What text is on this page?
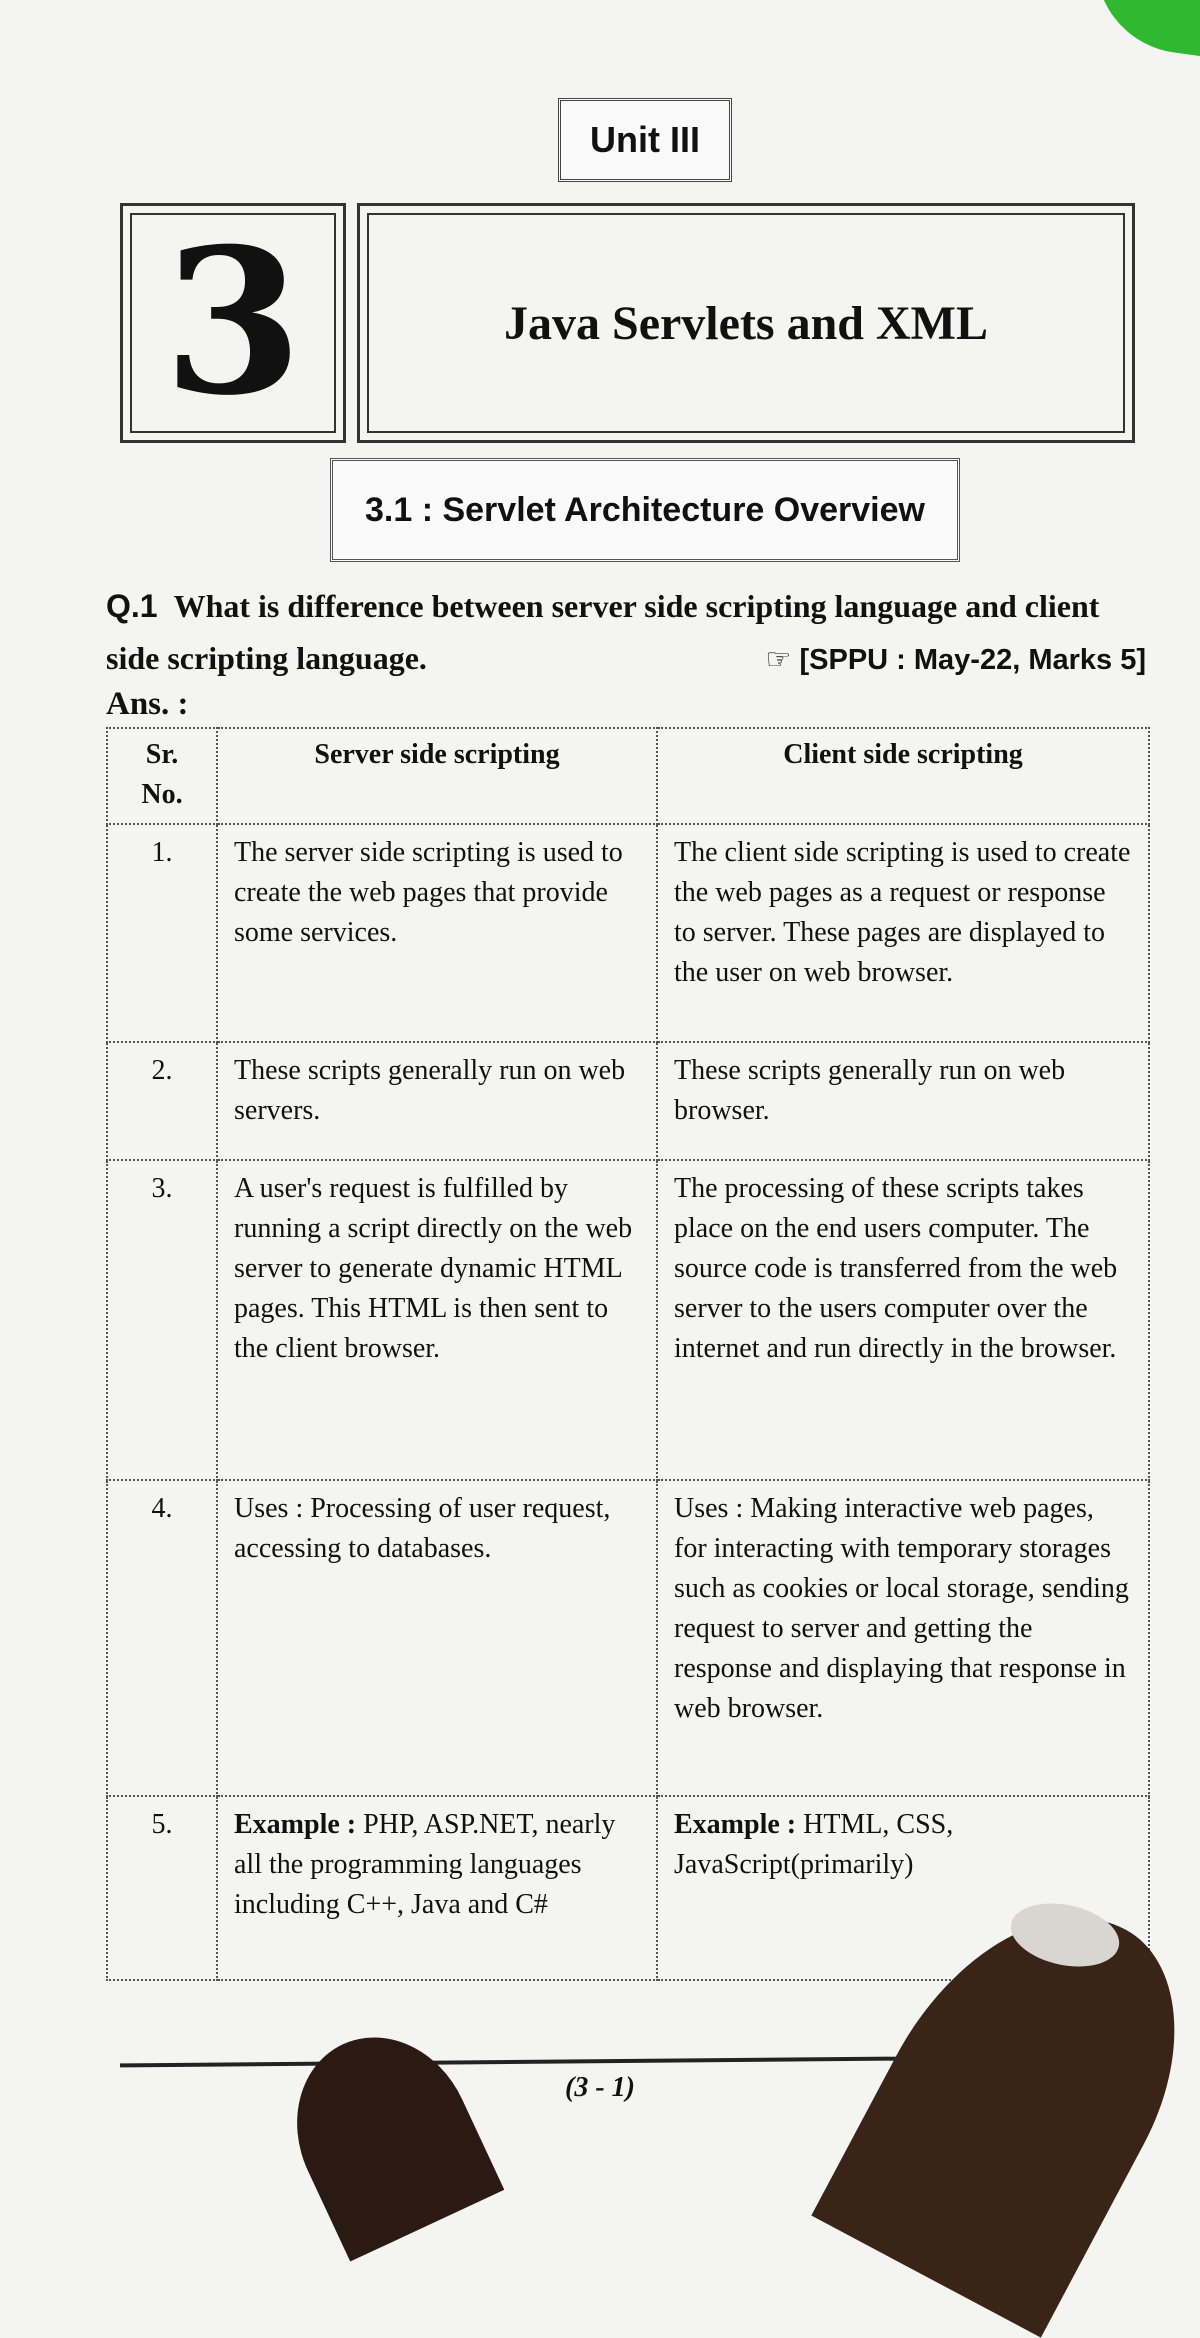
Unit III
3	Java Servlets and XML
3.1 : Servlet Architecture Overview
Q.1 What is difference between server side scripting language and client
side scripting language.	☞ [SPPU : May-22, Marks 5]
Ans. :
Sr. No.	Server side scripting	Client side scripting
1.	The server side scripting is used to create the web pages that provide some services.	The client side scripting is used to create the web pages as a request or response to server. These pages are displayed to the user on web browser.
2.	These scripts generally run on web servers.	These scripts generally run on web browser.
3.	A user's request is fulfilled by running a script directly on the web server to generate dynamic HTML pages. This HTML is then sent to the client browser.	The processing of these scripts takes place on the end users computer. The source code is transferred from the web server to the users computer over the internet and run directly in the browser.
4.	Uses : Processing of user request, accessing to databases.	Uses : Making interactive web pages, for interacting with temporary storages such as cookies or local storage, sending request to server and getting the response and displaying that response in web browser.
5.	Example : PHP, ASP.NET, nearly all the programming languages including C++, Java and C#	Example : HTML, CSS, JavaScript(primarily)
(3 - 1)
